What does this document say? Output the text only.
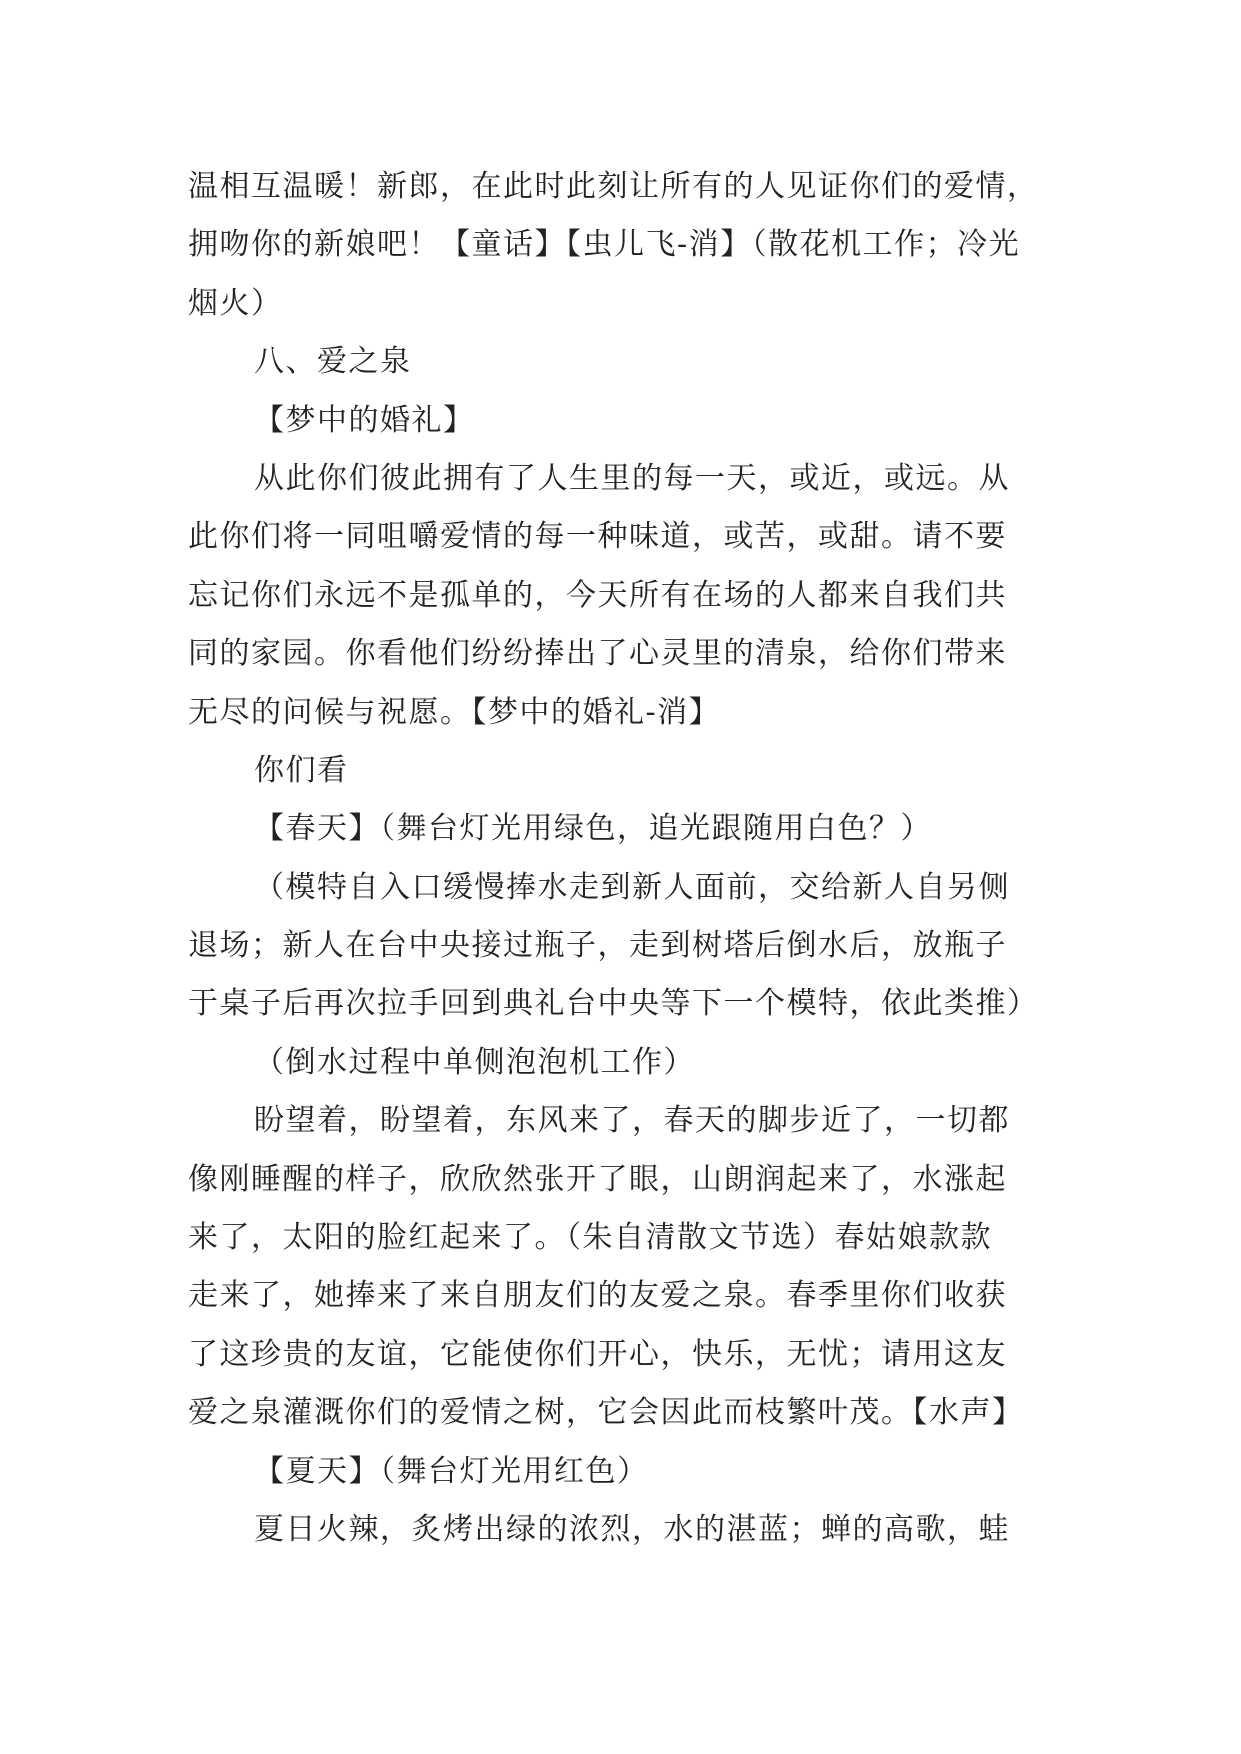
温相互温暖！新郎，在此时此刻让所有的人见证你们的爱情，
拥吻你的新娘吧！【童话】【虫儿飞-消】（散花机工作；冷光
烟火）
八、爱之泉
【梦中的婚礼】
从此你们彼此拥有了人生里的每一天，或近，或远。从
此你们将一同咀嚼爱情的每一种味道，或苦，或甜。请不要
忘记你们永远不是孤单的，今天所有在场的人都来自我们共
同的家园。你看他们纷纷捧出了心灵里的清泉，给你们带来
无尽的问候与祝愿。【梦中的婚礼-消】
你们看
【春天】（舞台灯光用绿色，追光跟随用白色？）
（模特自入口缓慢捧水走到新人面前，交给新人自另侧
退场；新人在台中央接过瓶子，走到树塔后倒水后，放瓶子
于桌子后再次拉手回到典礼台中央等下一个模特，依此类推）
（倒水过程中单侧泡泡机工作）
盼望着，盼望着，东风来了，春天的脚步近了，一切都
像刚睡醒的样子，欣欣然张开了眼，山朗润起来了，水涨起
来了，太阳的脸红起来了。（朱自清散文节选）春姑娘款款
走来了，她捧来了来自朋友们的友爱之泉。春季里你们收获
了这珍贵的友谊，它能使你们开心，快乐，无忧；请用这友
爱之泉灌溉你们的爱情之树，它会因此而枝繁叶茂。【水声】
【夏天】（舞台灯光用红色）
夏日火辣，炙烤出绿的浓烈，水的湛蓝；蝉的高歌，蛙
